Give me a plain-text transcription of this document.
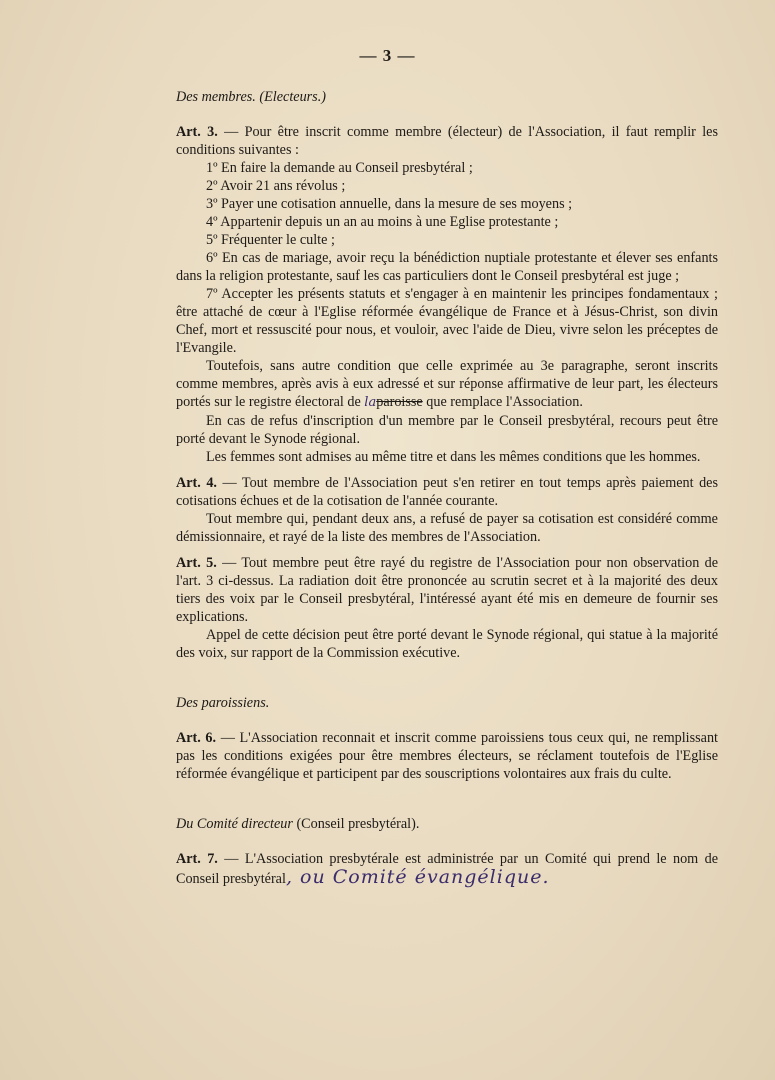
— 3 —

Des membres. (Electeurs.)

Art. 3. — Pour être inscrit comme membre (électeur) de l'Association, il faut remplir les conditions suivantes :

1º En faire la demande au Conseil presbytéral ;

2º Avoir 21 ans révolus ;

3º Payer une cotisation annuelle, dans la mesure de ses moyens ;

4º Appartenir depuis un an au moins à une Eglise protestante ;

5º Fréquenter le culte ;

6º En cas de mariage, avoir reçu la bénédiction nuptiale protestante et élever ses enfants dans la religion protestante, sauf les cas particuliers dont le Conseil presbytéral est juge ;

7º Accepter les présents statuts et s'engager à en maintenir les principes fondamentaux ; être attaché de cœur à l'Eglise réformée évangélique de France et à Jésus-Christ, son divin Chef, mort et ressuscité pour nous, et vouloir, avec l'aide de Dieu, vivre selon les préceptes de l'Evangile.

Toutefois, sans autre condition que celle exprimée au 3e paragraphe, seront inscrits comme membres, après avis à eux adressé et sur réponse affirmative de leur part, les électeurs portés sur le registre électoral de laparoisse que remplace l'Association.

En cas de refus d'inscription d'un membre par le Conseil presbytéral, recours peut être porté devant le Synode régional.

Les femmes sont admises au même titre et dans les mêmes conditions que les hommes.

Art. 4. — Tout membre de l'Association peut s'en retirer en tout temps après paiement des cotisations échues et de la cotisation de l'année courante.

Tout membre qui, pendant deux ans, a refusé de payer sa cotisation est considéré comme démissionnaire, et rayé de la liste des membres de l'Association.

Art. 5. — Tout membre peut être rayé du registre de l'Association pour non observation de l'art. 3 ci-dessus. La radiation doit être prononcée au scrutin secret et à la majorité des deux tiers des voix par le Conseil presbytéral, l'intéressé ayant été mis en demeure de fournir ses explications.

Appel de cette décision peut être porté devant le Synode régional, qui statue à la majorité des voix, sur rapport de la Commission exécutive.

Des paroissiens.

Art. 6. — L'Association reconnait et inscrit comme paroissiens tous ceux qui, ne remplissant pas les conditions exigées pour être membres électeurs, se réclament toutefois de l'Eglise réformée évangélique et participent par des souscriptions volontaires aux frais du culte.

Du Comité directeur (Conseil presbytéral).

Art. 7. — L'Association presbytérale est administrée par un Comité qui prend le nom de Conseil presbytéral, ou Comité évangélique.
